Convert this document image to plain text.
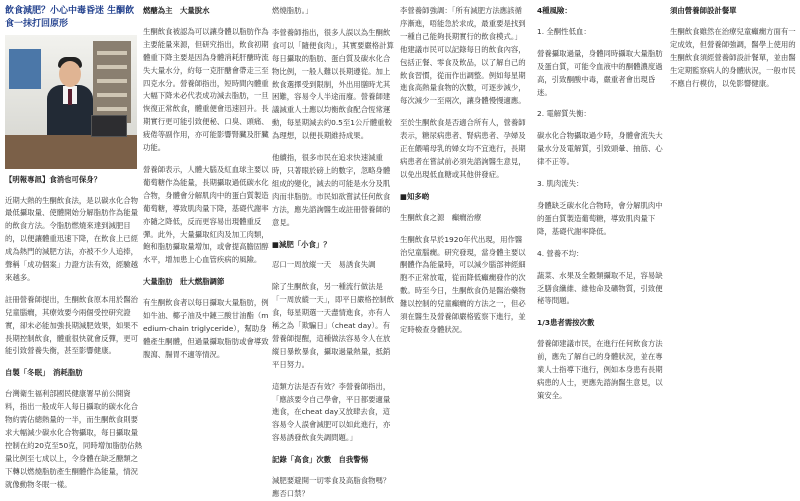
飲食減肥？小心中毒昏迷 生酮飲食一抹打回原形
【明報專訊】食消也可保身？

近期大熱的生酮飲食法，是以碳水化合物最低攝取量、使體開始分解脂肪作為能量的飲食方法。令脂肪燃燒來達到減肥目的，以便讓體重迅速下降，在飲食上已經成為熱門的減肥方法，亦被不少人追捧，聲稱「成功個案」力證方法有效，經驗越來越多。

註冊營養師提出，生酮飲食原本用於醫治兒童腦癇，其療效要今兩個受控研究證實，卻未必能加強長期減肥效果，如果不長期控制飲食，體重很快就會反彈，更可能引致營養失衡，甚至影響健康。

自製「冬眠」　消耗脂肪

台灣衛生福利部國民健康署早前公開資料，指出一般成年人每日攝取的碳水化合物約需佔總熱量的一半，而生酮飲食則要求大幅減少碳水化合物攝取，每日攝取量控制在約20克至50克，同時增加脂肪佔熱量比例至七成以上，令身體在缺乏醣類之下轉以燃燒脂肪產生酮體作為能量，情況就像動物冬眠一樣。

燃醣為主　大量脫水

生酮飲食被認為可以讓身體以脂肪作為主要能量來源，但研究指出，飲食初期體重下降主要是因為身體消耗肝醣時流失大量水分，約每一克肝醣會帶走三至四克水分。營養師指出，短時間內體重大幅下降未必代表成功減去脂肪，一旦恢復正常飲食，體重便會迅速回升。長期實行更可能引致便秘、口臭、頭痛、疲倦等副作用，亦可能影響腎臟及肝臟功能。

營養師表示，人體大腦及紅血球主要以葡萄糖作為能量，長期攝取過低碳水化合物，身體會分解肌肉中的蛋白質製造葡萄糖，導致肌肉量下降，基礎代謝率亦隨之降低，反而更容易出現體重反彈。此外，大量攝取紅肉及加工肉類，飽和脂肪攝取量增加，或會提高膽固醇水平，增加患上心血管疾病的風險。

大量脂肪　壯大燃脂調節

有生酮飲食者以每日攝取大量脂肪，例如牛油、椰子油及中鏈三酸甘油酯（medium-chain triglyceride），幫助身體產生酮體，但過量攝取脂肪或會導致腹瀉、腸胃不適等情況。

燃燒脂肪。」

李營養師指出，很多人誤以為生酮飲食可以「隨便食肉」，其實要嚴格計算每日攝取的脂肪、蛋白質及碳水化合物比例，一般人難以長期遵從。加上飲食選擇受到限制，外出用膳時尤其困難，容易令人半途而廢。營養師建議減重人士應以均衡飲食配合恆常運動，每星期減去約0.5至1公斤體重較為理想，以便長期維持成果。

他續指，很多市民在追求快速減重時，只著眼於磅上的數字，忽略身體組成的變化，減去的可能是水分及肌肉而非脂肪。市民如欲嘗試任何飲食方法，應先諮詢醫生或註冊營養師的意見。

■減肥「小食」？

忍口一周放縱一天　易誘食失調

除了生酮飲食，另一種流行做法是「一周放縱一天」，即平日嚴格控制飲食，每星期選一天盡情進食，亦有人稱之為「欺騙日」（cheat day）。有營養師提醒，這種做法容易令人在放縱日暴飲暴食，攝取過量熱量，抵銷平日努力。

這類方法是否有效？李營養師指出，「應該要令自己學會，平日都要適量進食，在cheat day又放肆去食，這容易令人誤會減肥可以如此進行，亦容易誘發飲食失調問題。」

記錄「高食」次數　自我警惕

減肥要避開一切零食及高脂食物嗎？應否口禁？

李營養師強調：「所有減肥方法應該循序漸進，唔能急於求成，最重要是找到一種自己能夠長期實行的飲食模式。」他建議市民可以記錄每日的飲食內容，包括正餐、零食及飲品，以了解自己的飲食習慣，從而作出調整。例如每星期進食高熱量食物的次數，可逐步減少，每次減少一至兩次，讓身體慢慢適應。

至於生酮飲食是否適合所有人，營養師表示，糖尿病患者、腎病患者、孕婦及正在餵哺母乳的婦女均不宜進行，長期病患者在嘗試前必須先諮詢醫生意見，以免出現低血糖或其他併發症。

■知多啲

生酮飲食之源　癲癇治療

生酮飲食早於1920年代出現，用作醫治兒童腦癇。研究發現，當身體主要以酮體作為能量時，可以減少腦部神經細胞不正常放電，從而降低癲癇發作的次數。時至今日，生酮飲食仍是醫治藥物難以控制的兒童癲癇的方法之一，但必須在醫生及營養師嚴格監察下進行，並定時檢查身體狀況。

4種風險：

1. 全酮性低血：

營養攝取過量，身體同時攝取大量脂肪及蛋白質，可能令血液中的酮體濃度過高，引致酮酸中毒，嚴重者會出現昏迷。

2. 電解質失衡：

碳水化合物攝取過少時，身體會流失大量水分及電解質，引致頭暈、抽筋、心律不正等。

3. 肌肉流失：

身體缺乏碳水化合物時，會分解肌肉中的蛋白質製造葡萄糖，導致肌肉量下降，基礎代謝率降低。

4. 營養不均：

蔬菜、水果及全穀類攝取不足，容易缺乏膳食纖維、維他命及礦物質，引致便秘等問題。

1/3患者需按次數

營養師建議市民，在進行任何飲食方法前，應先了解自己的身體狀況，並在專業人士指導下進行，例如本身患有長期病患的人士，更應先諮詢醫生意見，以策安全。

須由營養師設計餐單

生酮飲食雖然在治療兒童癲癇方面有一定成效，但營養師強調，醫學上使用的生酮飲食須經營養師設計餐單，並由醫生定期監察病人的身體狀況，一般市民不應自行模仿，以免影響健康。
